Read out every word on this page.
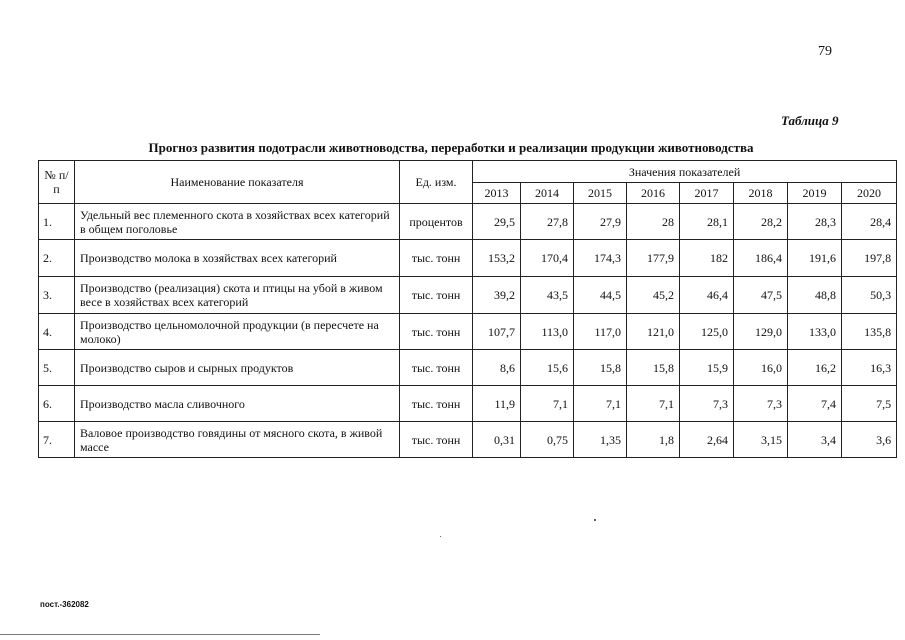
79
Таблица 9
Прогноз развития подотрасли животноводства, переработки и реализации продукции животноводства
№ п/п	Наименование показателя	Ед. изм.	Значения показателей							
			2013	2014	2015	2016	2017	2018	2019	2020
1.	Удельный вес племенного скота в хозяйствах всех категорий в общем поголовье	процентов	29,5	27,8	27,9	28	28,1	28,2	28,3	28,4
2.	Производство молока в хозяйствах всех категорий	тыс. тонн	153,2	170,4	174,3	177,9	182	186,4	191,6	197,8
3.	Производство (реализация) скота и птицы на убой в живом весе в хозяйствах всех категорий	тыс. тонн	39,2	43,5	44,5	45,2	46,4	47,5	48,8	50,3
4.	Производство цельномолочной продукции (в пересчете на молоко)	тыс. тонн	107,7	113,0	117,0	121,0	125,0	129,0	133,0	135,8
5.	Производство сыров и сырных продуктов	тыс. тонн	8,6	15,6	15,8	15,8	15,9	16,0	16,2	16,3
6.	Производство масла сливочного	тыс. тонн	11,9	7,1	7,1	7,1	7,3	7,3	7,4	7,5
7.	Валовое производство говядины от мясного скота, в живой массе	тыс. тонн	0,31	0,75	1,35	1,8	2,64	3,15	3,4	3,6
пост.-362082
